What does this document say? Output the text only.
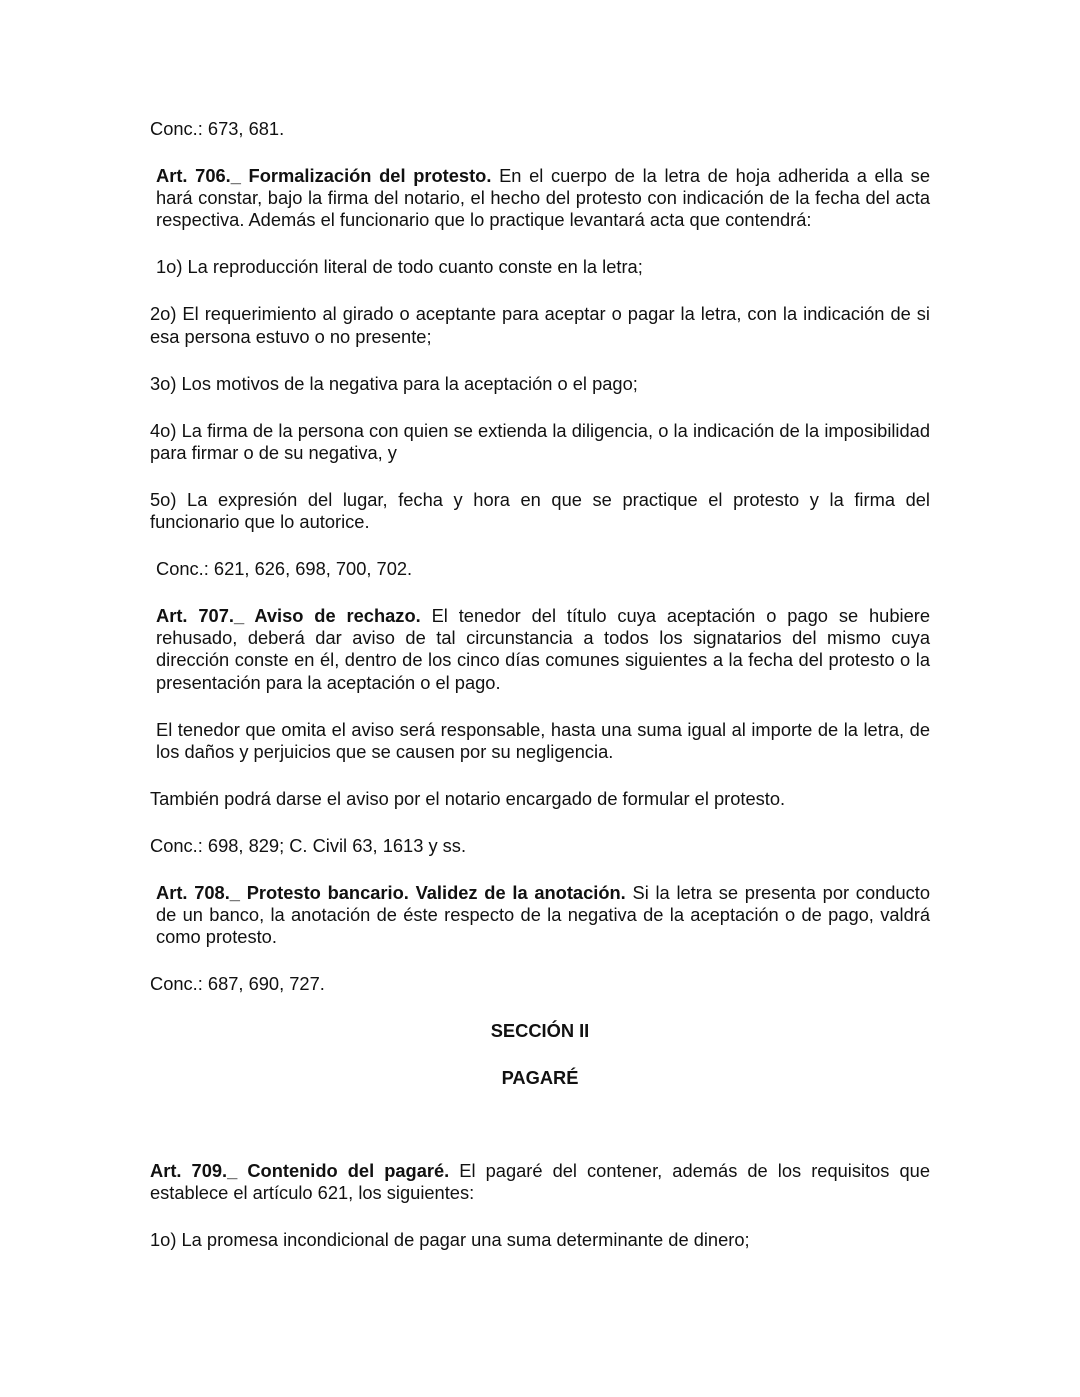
Conc.: 673, 681.

Art. 706._ Formalización del protesto. En el cuerpo de la letra de hoja adherida a ella se hará constar, bajo la firma del notario, el hecho del protesto con indicación de la fecha del acta respectiva. Además el funcionario que lo practique levantará acta que contendrá:

1o) La reproducción literal de todo cuanto conste en la letra;

2o) El requerimiento al girado o aceptante para aceptar o pagar la letra, con la indicación de si esa persona estuvo o no presente;

3o) Los motivos de la negativa para la aceptación o el pago;

4o) La firma de la persona con quien se extienda la diligencia, o la indicación de la imposibilidad para firmar o de su negativa, y

5o) La expresión del lugar, fecha y hora en que se practique el protesto y la firma del funcionario que lo autorice.

Conc.: 621, 626, 698, 700, 702.

Art. 707._ Aviso de rechazo. El tenedor del título cuya aceptación o pago se hubiere rehusado, deberá dar aviso de tal circunstancia a todos los signatarios del mismo cuya dirección conste en él, dentro de los cinco días comunes siguientes a la fecha del protesto o la presentación para la aceptación o el pago.

El tenedor que omita el aviso será responsable, hasta una suma igual al importe de la letra, de los daños y perjuicios que se causen por su negligencia.

También podrá darse el aviso por el notario encargado de formular el protesto.

Conc.: 698, 829; C. Civil 63, 1613 y ss.

Art. 708._ Protesto bancario. Validez de la anotación. Si la letra se presenta por conducto de un banco, la anotación de éste respecto de la negativa de la aceptación o de pago, valdrá como protesto.

Conc.: 687, 690, 727.

SECCIÓN II

PAGARÉ

Art. 709._ Contenido del pagaré. El pagaré del contener, además de los requisitos que establece el artículo 621, los siguientes:

1o) La promesa incondicional de pagar una suma determinante de dinero;
